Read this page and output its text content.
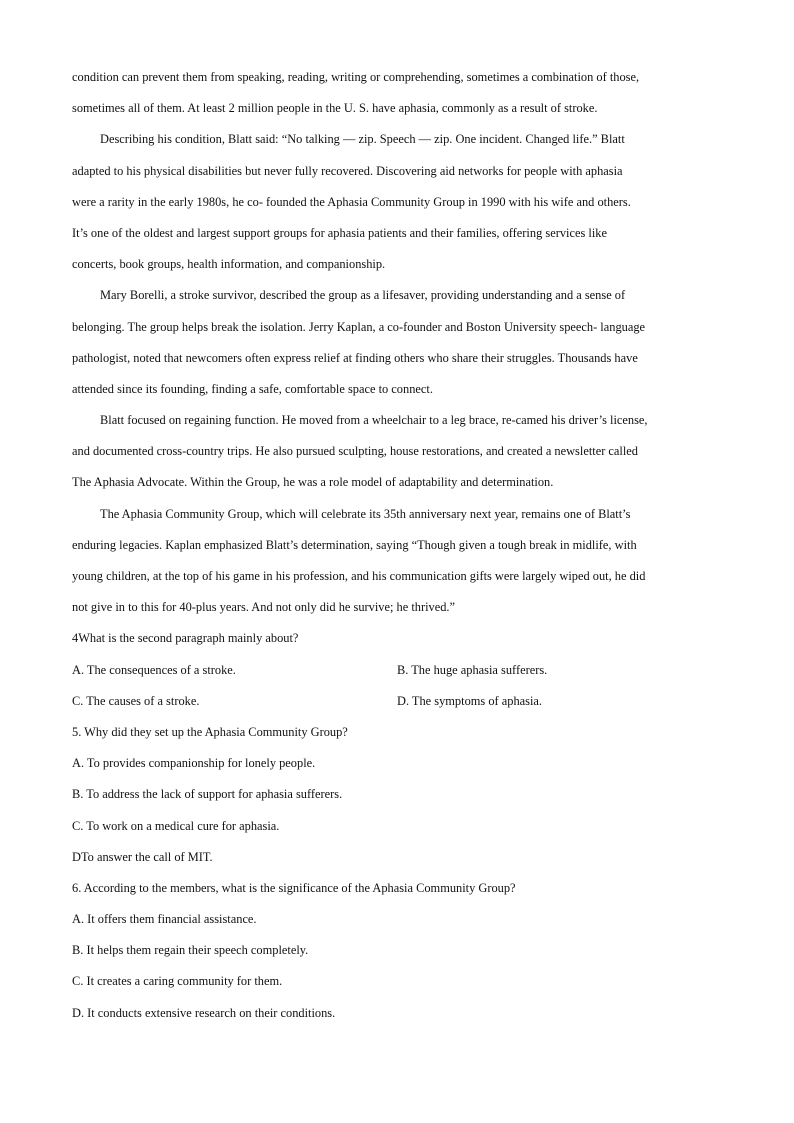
condition can prevent them from speaking, reading, writing or comprehending, sometimes a combination of those,
sometimes all of them. At least 2 million people in the U. S. have aphasia, commonly as a result of stroke.
Describing his condition, Blatt said: “No talking — zip. Speech — zip. One incident. Changed life.” Blatt
adapted to his physical disabilities but never fully recovered. Discovering aid networks for people with aphasia
were a rarity in the early 1980s, he co- founded the Aphasia Community Group in 1990 with his wife and others.
It’s one of the oldest and largest support groups for aphasia patients and their families, offering services like
concerts, book groups, health information, and companionship.
Mary Borelli, a stroke survivor, described the group as a lifesaver, providing understanding and a sense of
belonging. The group helps break the isolation. Jerry Kaplan, a co-founder and Boston University speech- language
pathologist, noted that newcomers often express relief at finding others who share their struggles. Thousands have
attended since its founding, finding a safe, comfortable space to connect.
Blatt focused on regaining function. He moved from a wheelchair to a leg brace, re-camed his driver’s license,
and documented cross-country trips. He also pursued sculpting, house restorations, and created a newsletter called
The Aphasia Advocate. Within the Group, he was a role model of adaptability and determination.
The Aphasia Community Group, which will celebrate its 35th anniversary next year, remains one of Blatt’s
enduring legacies. Kaplan emphasized Blatt’s determination, saying “Though given a tough break in midlife, with
young children, at the top of his game in his profession, and his communication gifts were largely wiped out, he did
not give in to this for 40-plus years. And not only did he survive; he thrived.”
4What is the second paragraph mainly about?
A. The consequences of a stroke.	B. The huge aphasia sufferers.
C. The causes of a stroke.	D. The symptoms of aphasia.
5. Why did they set up the Aphasia Community Group?
A. To provides companionship for lonely people.
B. To address the lack of support for aphasia sufferers.
C. To work on a medical cure for aphasia.
DTo answer the call of MIT.
6. According to the members, what is the significance of the Aphasia Community Group?
A. It offers them financial assistance.
B. It helps them regain their speech completely.
C. It creates a caring community for them.
D. It conducts extensive research on their conditions.
